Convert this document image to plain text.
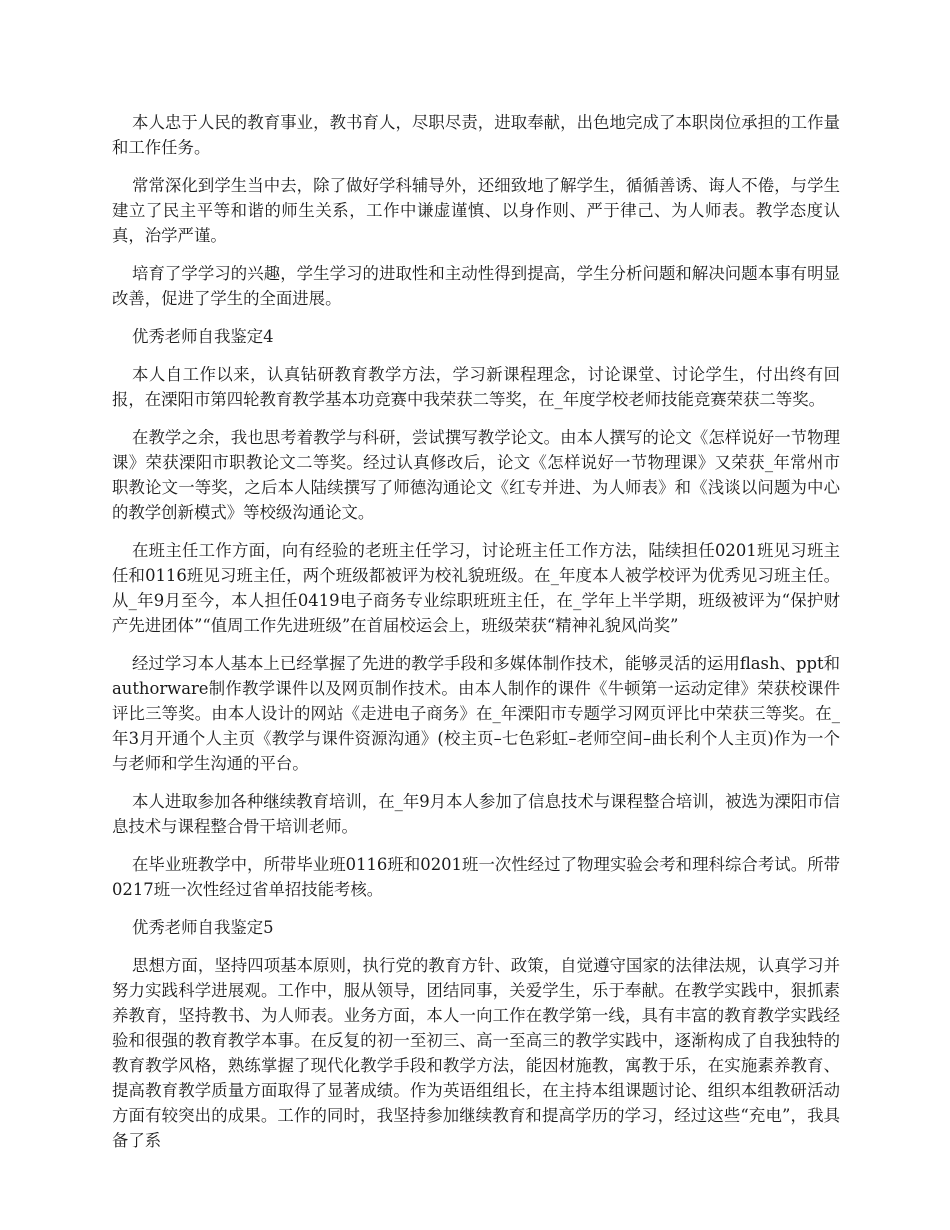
本人忠于人民的教育事业，教书育人，尽职尽责，进取奉献，出色地完成了本职岗位承担的工作量和工作任务。

常常深化到学生当中去，除了做好学科辅导外，还细致地了解学生，循循善诱、诲人不倦，与学生建立了民主平等和谐的师生关系，工作中谦虚谨慎、以身作则、严于律己、为人师表。教学态度认真，治学严谨。

培育了学学习的兴趣，学生学习的进取性和主动性得到提高，学生分析问题和解决问题本事有明显改善，促进了学生的全面进展。

优秀老师自我鉴定4

本人自工作以来，认真钻研教育教学方法，学习新课程理念，讨论课堂、讨论学生，付出终有回报，在溧阳市第四轮教育教学基本功竞赛中我荣获二等奖，在_年度学校老师技能竞赛荣获二等奖。

在教学之余，我也思考着教学与科研，尝试撰写教学论文。由本人撰写的论文《怎样说好一节物理课》荣获溧阳市职教论文二等奖。经过认真修改后，论文《怎样说好一节物理课》又荣获_年常州市职教论文一等奖，之后本人陆续撰写了师德沟通论文《红专并进、为人师表》和《浅谈以问题为中心的教学创新模式》等校级沟通论文。

在班主任工作方面，向有经验的老班主任学习，讨论班主任工作方法，陆续担任0201班见习班主任和0116班见习班主任，两个班级都被评为校礼貌班级。在_年度本人被学校评为优秀见习班主任。从_年9月至今，本人担任0419电子商务专业综职班班主任，在_学年上半学期，班级被评为“保护财产先进团体”“值周工作先进班级”在首届校运会上，班级荣获“精神礼貌风尚奖”

经过学习本人基本上已经掌握了先进的教学手段和多媒体制作技术，能够灵活的运用flash、ppt和authorware制作教学课件以及网页制作技术。由本人制作的课件《牛顿第一运动定律》荣获校课件评比三等奖。由本人设计的网站《走进电子商务》在_年溧阳市专题学习网页评比中荣获三等奖。在_年3月开通个人主页《教学与课件资源沟通》(校主页–七色彩虹–老师空间–曲长利个人主页)作为一个与老师和学生沟通的平台。

本人进取参加各种继续教育培训，在_年9月本人参加了信息技术与课程整合培训，被选为溧阳市信息技术与课程整合骨干培训老师。

在毕业班教学中，所带毕业班0116班和0201班一次性经过了物理实验会考和理科综合考试。所带0217班一次性经过省单招技能考核。

优秀老师自我鉴定5

思想方面，坚持四项基本原则，执行党的教育方针、政策，自觉遵守国家的法律法规，认真学习并努力实践科学进展观。工作中，服从领导，团结同事，关爱学生，乐于奉献。在教学实践中，狠抓素养教育，坚持教书、为人师表。业务方面，本人一向工作在教学第一线，具有丰富的教育教学实践经验和很强的教育教学本事。在反复的初一至初三、高一至高三的教学实践中，逐渐构成了自我独特的教育教学风格，熟练掌握了现代化教学手段和教学方法，能因材施教，寓教于乐，在实施素养教育、提高教育教学质量方面取得了显著成绩。作为英语组组长，在主持本组课题讨论、组织本组教研活动方面有较突出的成果。工作的同时，我坚持参加继续教育和提高学历的学习，经过这些“充电”，我具备了系
